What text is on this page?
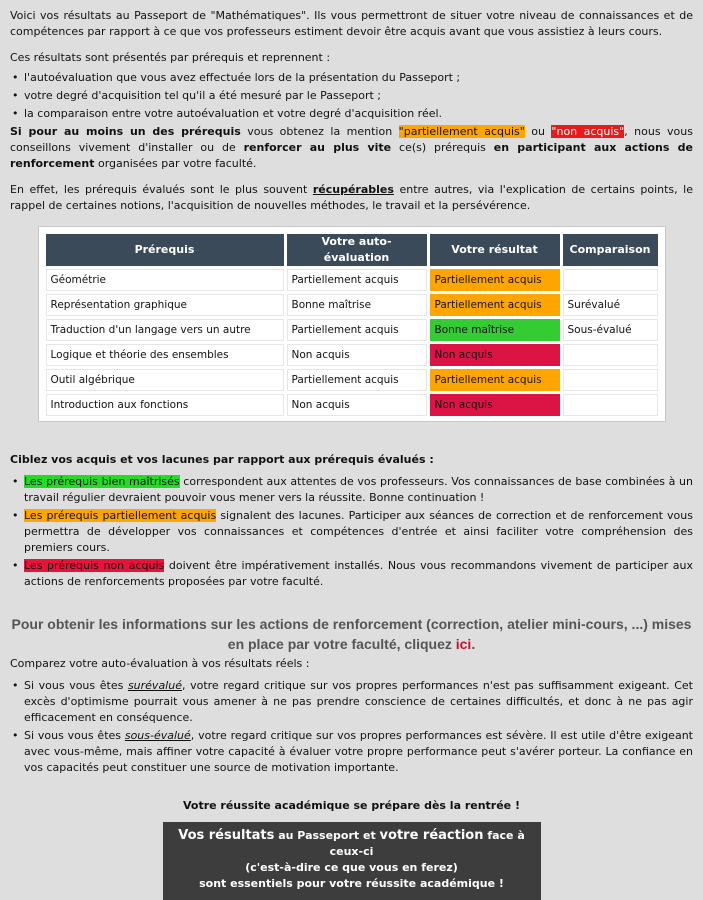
Voici vos résultats au Passeport de "Mathématiques". Ils vous permettront de situer votre niveau de connaissances et de compétences par rapport à ce que vos professeurs estiment devoir être acquis avant que vous assistiez à leurs cours.

Ces résultats sont présentés par prérequis et reprennent :

• l'autoévaluation que vous avez effectuée lors de la présentation du Passeport ;
• votre degré d'acquisition tel qu'il a été mesuré par le Passeport ;
• la comparaison entre votre autoévaluation et votre degré d'acquisition réel.

Si pour au moins un des prérequis vous obtenez la mention "partiellement acquis" ou "non acquis", nous vous conseillons vivement d'installer ou de renforcer au plus vite ce(s) prérequis en participant aux actions de renforcement organisées par votre faculté.

En effet, les prérequis évalués sont le plus souvent récupérables entre autres, via l'explication de certains points, le rappel de certaines notions, l'acquisition de nouvelles méthodes, le travail et la persévérence.

Prérequis	Votre auto-évaluation	Votre résultat	Comparaison
Géométrie	Partiellement acquis	Partiellement acquis	
Représentation graphique	Bonne maîtrise	Partiellement acquis	Surévalué
Traduction d'un langage vers un autre	Partiellement acquis	Bonne maîtrise	Sous-évalué
Logique et théorie des ensembles	Non acquis	Non acquis	
Outil algébrique	Partiellement acquis	Partiellement acquis	
Introduction aux fonctions	Non acquis	Non acquis	

Ciblez vos acquis et vos lacunes par rapport aux prérequis évalués :

• Les prérequis bien maîtrisés correspondent aux attentes de vos professeurs. Vos connaissances de base combinées à un travail régulier devraient pouvoir vous mener vers la réussite. Bonne continuation !
• Les prérequis partiellement acquis signalent des lacunes. Participer aux séances de correction et de renforcement vous permettra de développer vos connaissances et compétences d'entrée et ainsi faciliter votre compréhension des premiers cours.
• Les prérequis non acquis doivent être impérativement installés. Nous vous recommandons vivement de participer aux actions de renforcements proposées par votre faculté.
Pour obtenir les informations sur les actions de renforcement (correction, atelier mini-cours, ...) mises en place par votre faculté, cliquez ici.

Comparez votre auto-évaluation à vos résultats réels :

• Si vous vous êtes surévalué, votre regard critique sur vos propres performances n'est pas suffisamment exigeant. Cet excès d'optimisme pourrait vous amener à ne pas prendre conscience de certaines difficultés, et donc à ne pas agir efficacement en conséquence.
• Si vous vous êtes sous-évalué, votre regard critique sur vos propres performances est sévère. Il est utile d'être exigeant avec vous-même, mais affiner votre capacité à évaluer votre propre performance peut s'avérer porteur. La confiance en vos capacités peut constituer une source de motivation importante.
Votre réussite académique se prépare dès la rentrée !
Vos résultats au Passeport et votre réaction face à ceux-ci
(c'est-à-dire ce que vous en ferez)
sont essentiels pour votre réussite académique !
